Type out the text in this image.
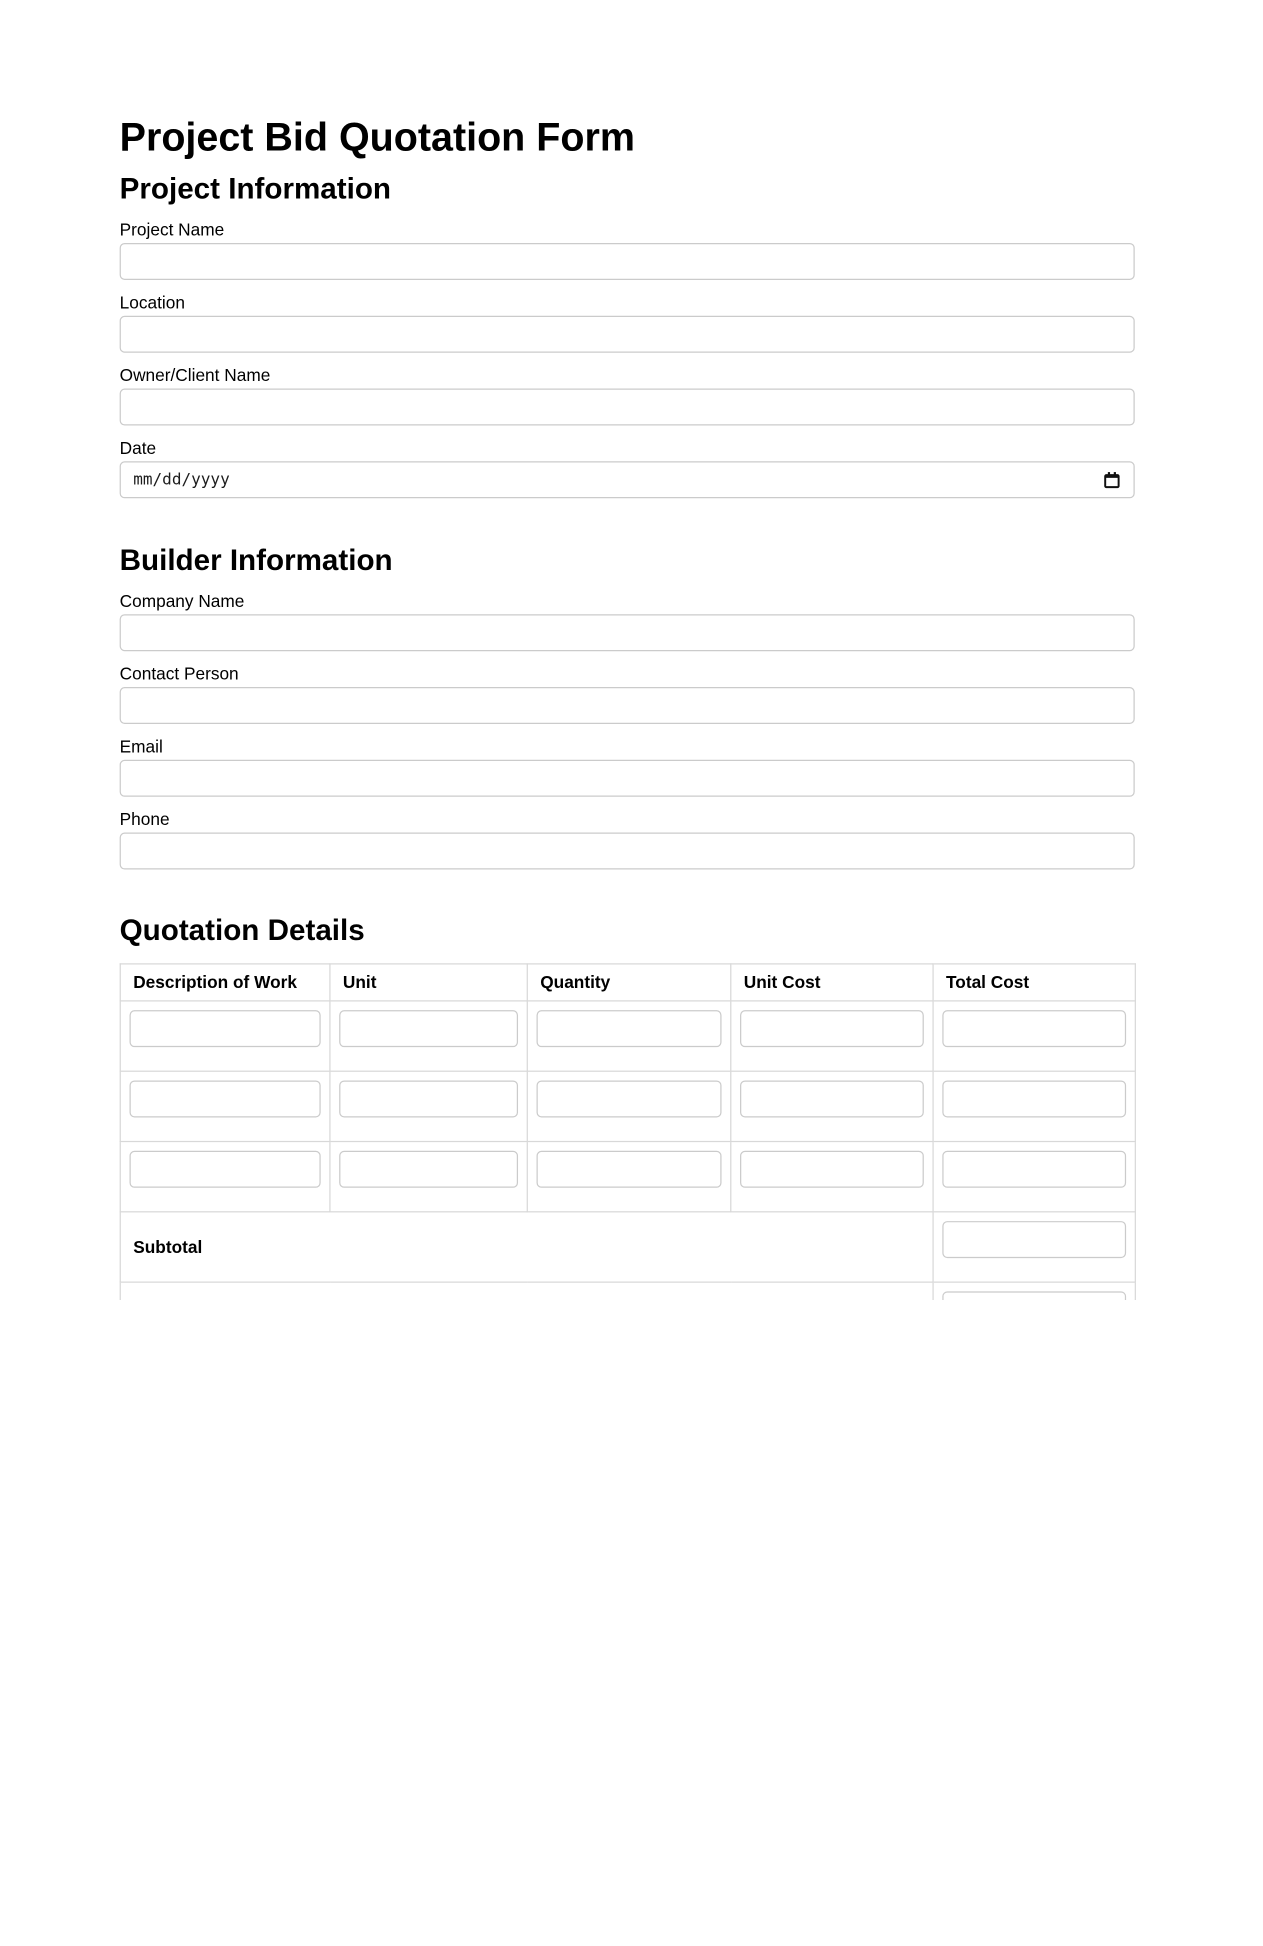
Project Bid Quotation Form
Project Information
Project Name
Location
Owner/Client Name
Date
mm/dd/yyyy
Builder Information
Company Name
Contact Person
Email
Phone
Quotation Details
Description of Work	Unit	Quantity	Unit Cost	Total Cost

Subtotal	
